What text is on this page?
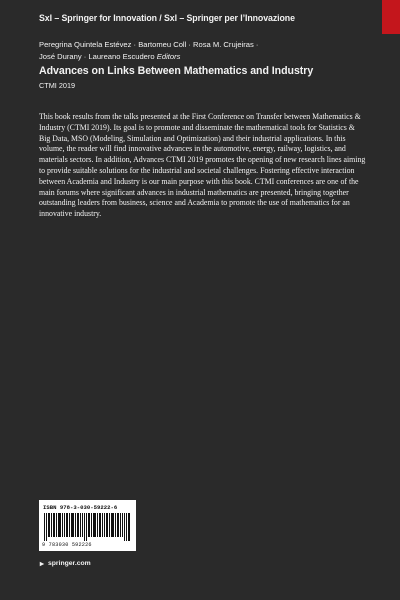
SxI – Springer for Innovation / SxI – Springer per l’Innovazione
Peregrina Quintela Estévez · Bartomeu Coll · Rosa M. Crujeiras ·
José Durany · Laureano Escudero Editors
Advances on Links Between Mathematics and Industry
CTMI 2019

This book results from the talks presented at the First Conference on Transfer between Mathematics & Industry (CTMI 2019). Its goal is to promote and disseminate the mathematical tools for Statistics & Big Data, MSO (Modeling, Simulation and Optimization) and their industrial applications. In this volume, the reader will find innovative advances in the automotive, energy, railway, logistics, and materials sectors. In addition, Advances CTMI 2019 promotes the opening of new research lines aiming to provide suitable solutions for the industrial and societal challenges. Fostering effective interaction between Academia and Industry is our main purpose with this book. CTMI conferences are one of the main forums where significant advances in industrial mathematics are presented, bringing together outstanding leaders from business, science and Academia to promote the use of mathematics for an innovative industry.

ISBN 978-3-030-59222-6
9 783030 592226
springer.com
